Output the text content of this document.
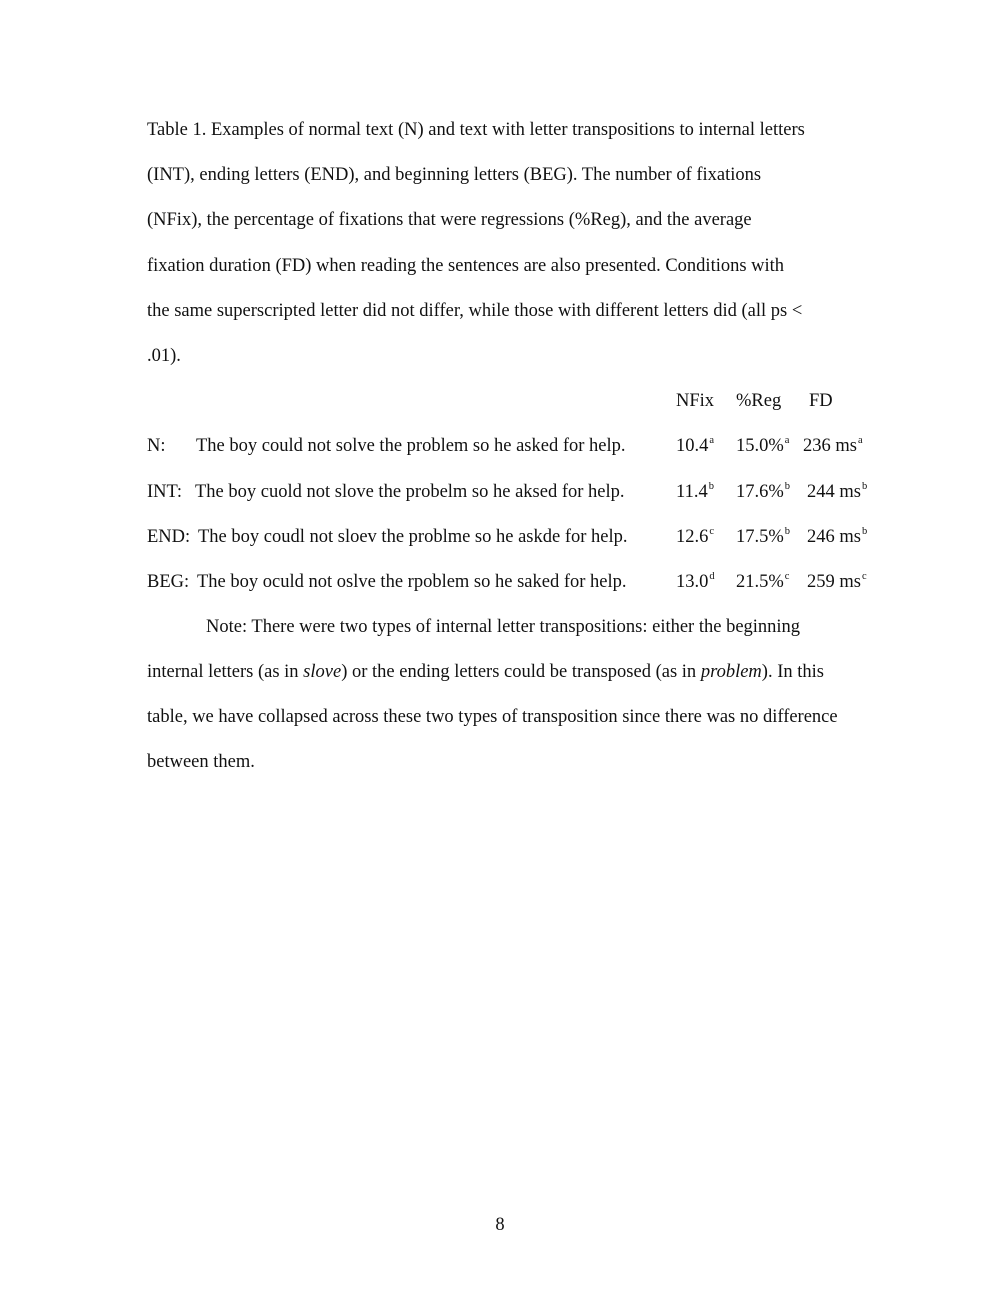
Table 1. Examples of normal text (N) and text with letter transpositions to internal letters
(INT), ending letters (END), and beginning letters (BEG). The number of fixations
(NFix), the percentage of fixations that were regressions (%Reg), and the average
fixation duration (FD) when reading the sentences are also presented. Conditions with
the same superscripted letter did not differ, while those with different letters did (all ps <
.01).
NFix %Reg FD
N: The boy could not solve the problem so he asked for help.	10.4$^a$ 15.0%$^a$ 236 $ms^a$
INT: The boy cuold not slove the probelm so he aksed for help.	11.4$^b$ 17.6%$^b$ 244 $ms^b$
END: The boy coudl not sloev the problme so he askde for help.	12.6$^c$ 17.5%$^b$ 246 $ms^b$
BEG: The boy oculd not oslve the rpoblem so he saked for help.	13.0$^d$ 21.5%$^c$ 259 $ms^c$
Note: There were two types of internal letter transpositions: either the beginning
internal letters (as in slove) or the ending letters could be transposed (as in problem). In this
table, we have collapsed across these two types of transposition since there was no difference
between them.
8
